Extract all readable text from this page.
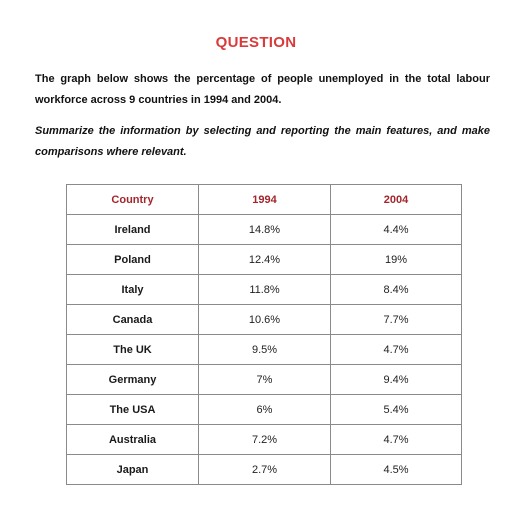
QUESTION
The graph below shows the percentage of people unemployed in the total labour workforce across 9 countries in 1994 and 2004.
Summarize the information by selecting and reporting the main features, and make comparisons where relevant.
Country	1994	2004
Ireland	14.8%	4.4%
Poland	12.4%	19%
Italy	11.8%	8.4%
Canada	10.6%	7.7%
The UK	9.5%	4.7%
Germany	7%	9.4%
The USA	6%	5.4%
Australia	7.2%	4.7%
Japan	2.7%	4.5%
